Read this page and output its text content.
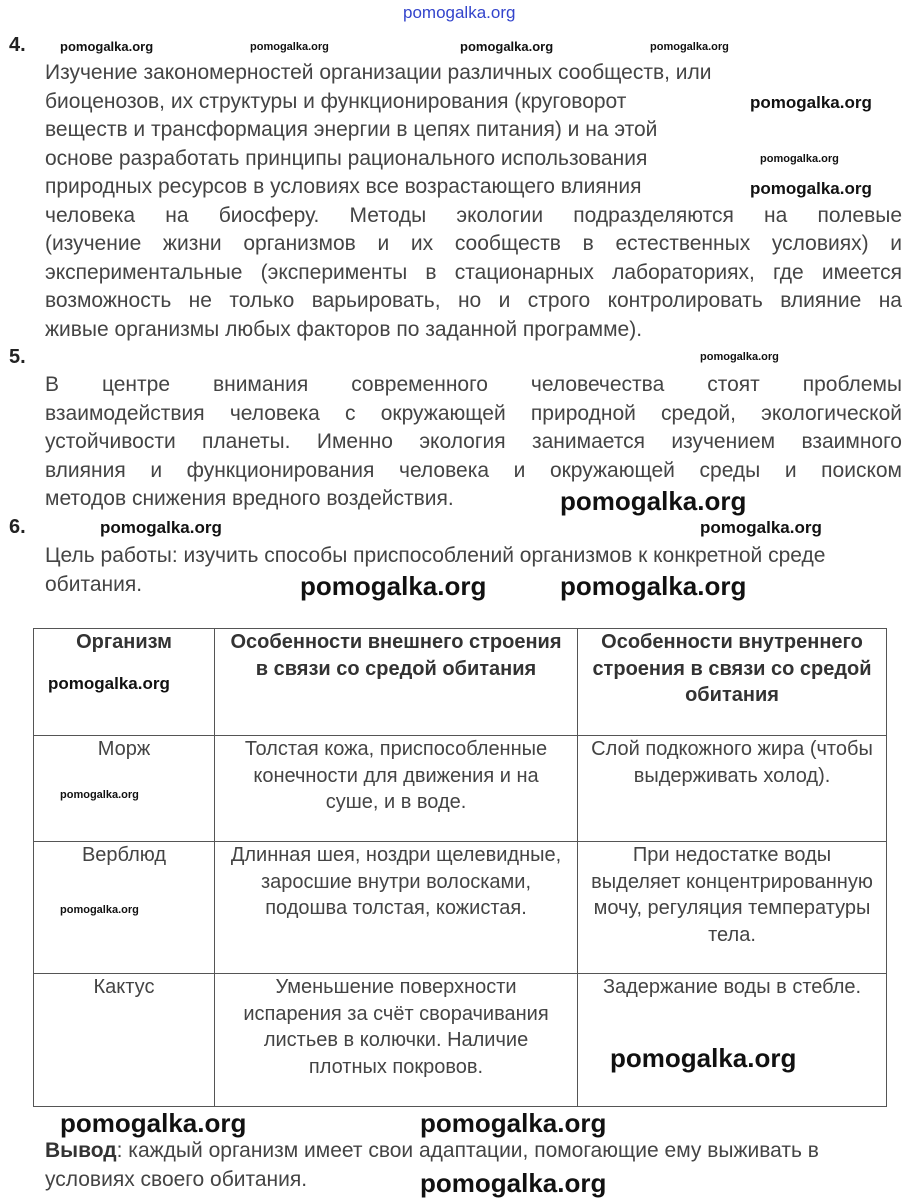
pomogalka.org
4.
Изучение закономерностей организации различных сообществ, или
биоценозов, их структуры и функционирования (круговорот
веществ и трансформация энергии в цепях питания) и на этой
основе разработать принципы рационального использования
природных ресурсов в условиях все возрастающего влияния
человека на биосферу. Методы экологии подразделяются на полевые
(изучение жизни организмов и их сообществ в естественных условиях) и
экспериментальные (эксперименты в стационарных лабораториях, где имеется
возможность не только варьировать, но и строго контролировать влияние на
живые организмы любых факторов по заданной программе).
5.
В центре внимания современного человечества стоят проблемы
взаимодействия человека с окружающей природной средой, экологической
устойчивости планеты. Именно экология занимается изучением взаимного
влияния и функционирования человека и окружающей среды и поиском
методов снижения вредного воздействия.
6.
Цель работы: изучить способы приспособлений организмов к конкретной среде
обитания.
Организм	Особенности внешнего строения в связи со средой обитания	Особенности внутреннего строения в связи со средой обитания
Морж	Толстая кожа, приспособленные конечности для движения и на суше, и в воде.	Слой подкожного жира (чтобы выдерживать холод).
Верблюд	Длинная шея, ноздри щелевидные, заросшие внутри волосками, подошва толстая, кожистая.	При недостатке воды выделяет концентрированную мочу, регуляция температуры тела.
Кактус	Уменьшение поверхности испарения за счёт сворачивания листьев в колючки. Наличие плотных покровов.	Задержание воды в стебле.
Вывод: каждый организм имеет свои адаптации, помогающие ему выживать в условиях своего обитания.
pomogalka.org	pomogalka.org
pomogalka.org
pomogalka.org	pomogalka.org
pomogalka.org
pomogalka.org
pomogalka.org
pomogalka.org
pomogalka.org
pomogalka.org
pomogalka.org	pomogalka.org
pomogalka.org
pomogalka.org
pomogalka.org
pomogalka.org
pomogalka.org	pomogalka.org
pomogalka.org
